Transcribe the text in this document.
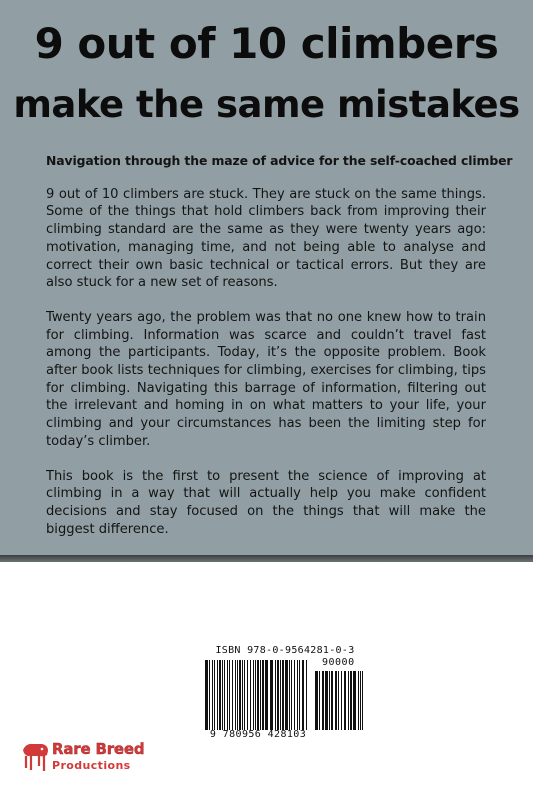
9 out of 10 climbers
make the same mistakes
Navigation through the maze of advice for the self-coached climber

9 out of 10 climbers are stuck. They are stuck on the same things. Some of the things that hold climbers back from improving their climbing standard are the same as they were twenty years ago: motivation, managing time, and not being able to analyse and correct their own basic technical or tactical errors. But they are also stuck for a new set of reasons.

Twenty years ago, the problem was that no one knew how to train for climbing. Information was scarce and couldn’t travel fast among the participants. Today, it’s the opposite problem. Book after book lists techniques for climbing, exercises for climbing, tips for climbing. Navigating this barrage of information, filtering out the irrelevant and homing in on what matters to your life, your climbing and your circumstances has been the limiting step for today’s climber.

This book is the first to present the science of improving at climbing in a way that will actually help you make confident decisions and stay focused on the things that will make the biggest difference.

ISBN 978-0-9564281-0-3
90000
9 780956 428103
Rare Breed
Productions
